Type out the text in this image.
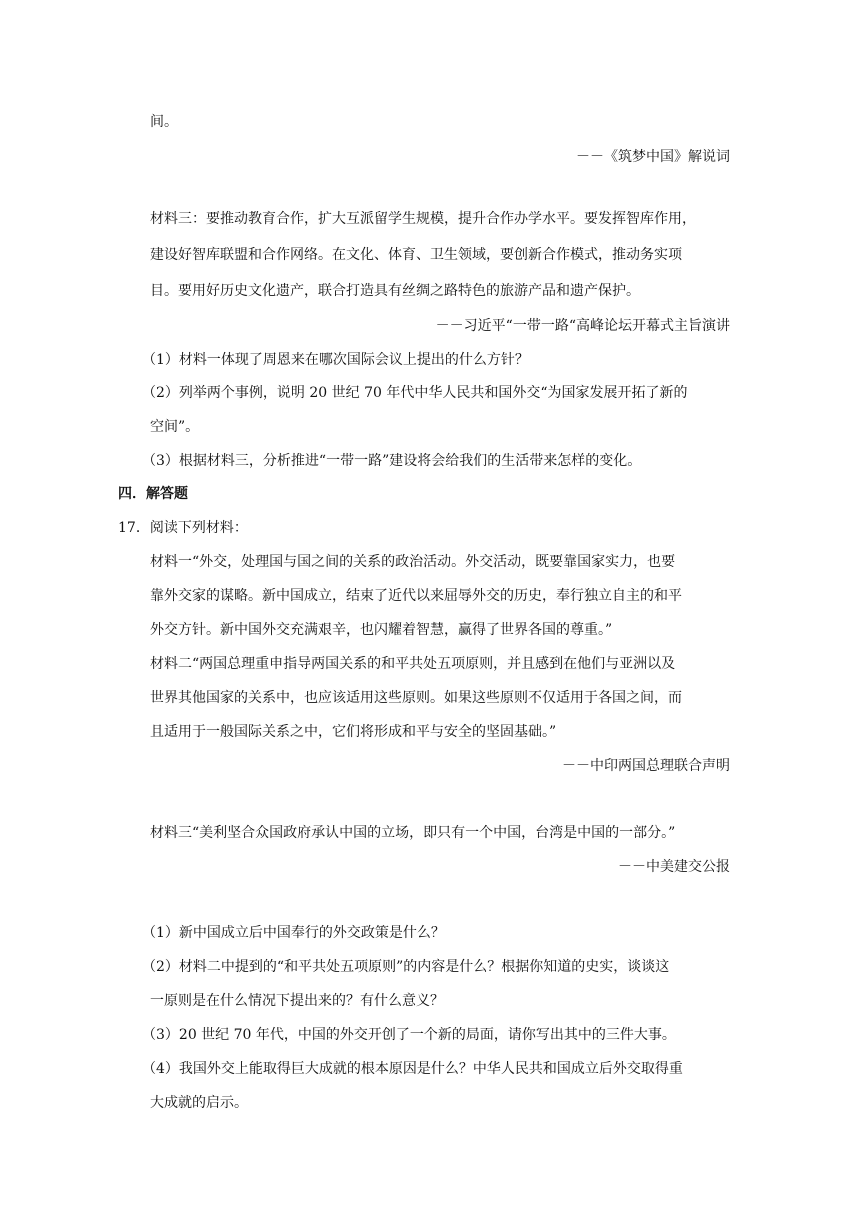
间。
－－《筑梦中国》解说词
材料三：要推动教育合作，扩大互派留学生规模，提升合作办学水平。要发挥智库作用，
建设好智库联盟和合作网络。在文化、体育、卫生领域，要创新合作模式，推动务实项
目。要用好历史文化遗产，联合打造具有丝绸之路特色的旅游产品和遗产保护。
－－习近平“一带一路“高峰论坛开幕式主旨演讲
（1）材料一体现了周恩来在哪次国际会议上提出的什么方针？
（2）列举两个事例，说明 20 世纪 70 年代中华人民共和国外交“为国家发展开拓了新的
空间”。
（3）根据材料三，分析推进“一带一路”建设将会给我们的生活带来怎样的变化。
四．解答题
17．阅读下列材料：
材料一“外交，处理国与国之间的关系的政治活动。外交活动，既要靠国家实力，也要
靠外交家的谋略。新中国成立，结束了近代以来屈辱外交的历史，奉行独立自主的和平
外交方针。新中国外交充满艰辛，也闪耀着智慧，赢得了世界各国的尊重。”
材料二“两国总理重申指导两国关系的和平共处五项原则，并且感到在他们与亚洲以及
世界其他国家的关系中，也应该适用这些原则。如果这些原则不仅适用于各国之间，而
且适用于一般国际关系之中，它们将形成和平与安全的坚固基础。”
－－中印两国总理联合声明
材料三“美利坚合众国政府承认中国的立场，即只有一个中国，台湾是中国的一部分。”
－－中美建交公报
（1）新中国成立后中国奉行的外交政策是什么？
（2）材料二中提到的“和平共处五项原则”的内容是什么？根据你知道的史实，谈谈这
一原则是在什么情况下提出来的？有什么意义？
（3）20 世纪 70 年代，中国的外交开创了一个新的局面，请你写出其中的三件大事。
（4）我国外交上能取得巨大成就的根本原因是什么？中华人民共和国成立后外交取得重
大成就的启示。
